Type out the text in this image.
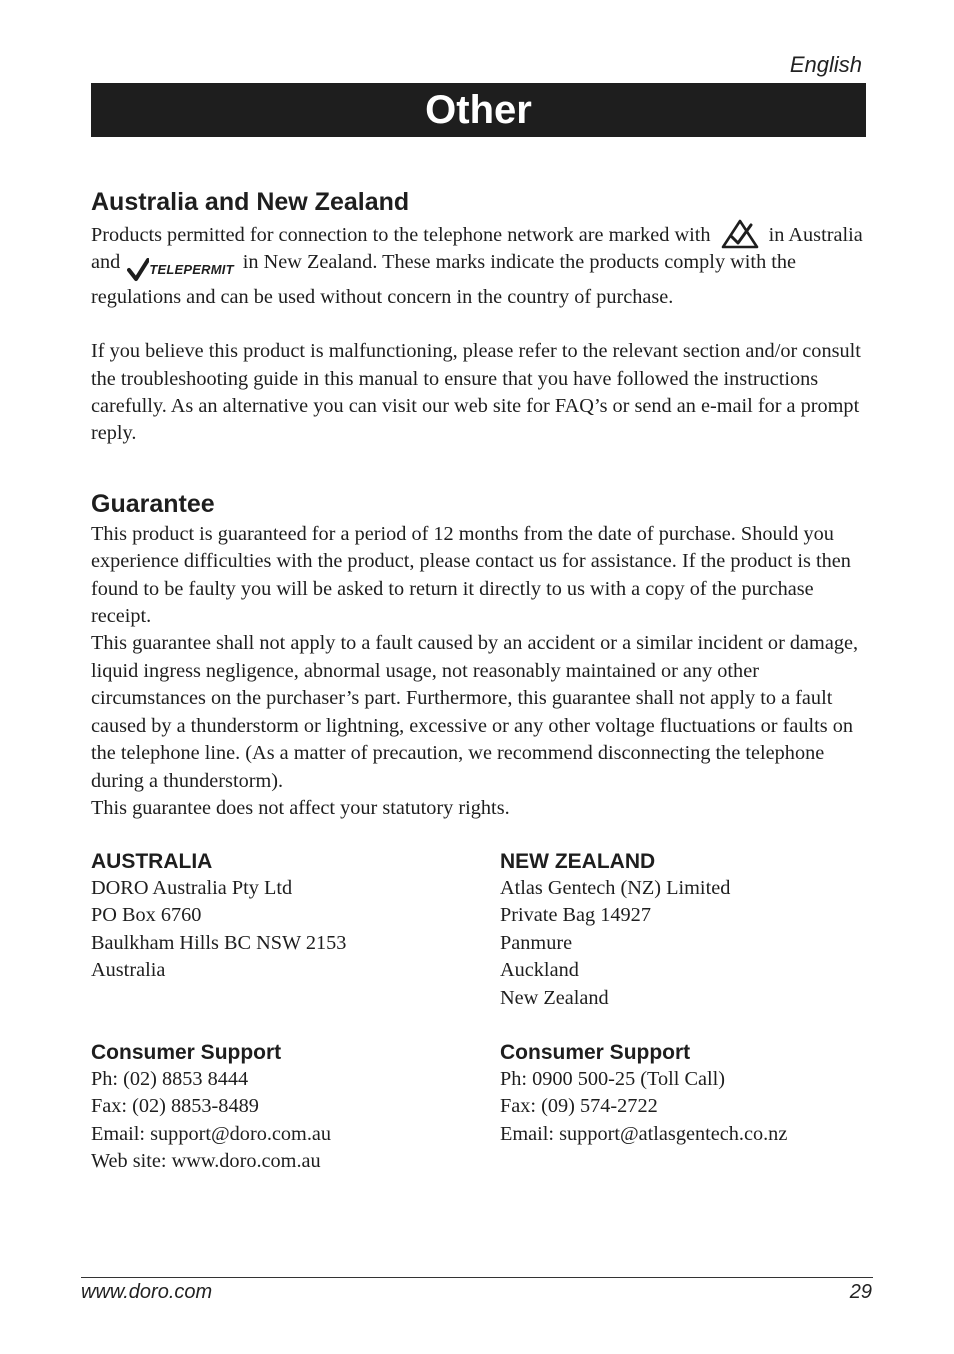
English
Other
Australia and New Zealand

Products permitted for connection to the telephone network are marked with	in Australia and TELEPERMIT in New Zealand. These marks indicate the products comply with the regulations and can be used without concern in the country of purchase.

If you believe this product is malfunctioning, please refer to the relevant section and/or consult the troubleshooting guide in this manual to ensure that you have followed the instructions carefully. As an alternative you can visit our web site for FAQ’s or send an e-mail for a prompt reply.

Guarantee

This product is guaranteed for a period of 12 months from the date of purchase. Should you experience difficulties with the product, please contact us for assistance. If the product is then found to be faulty you will be asked to return it directly to us with a copy of the purchase receipt.

This guarantee shall not apply to a fault caused by an accident or a similar incident or damage, liquid ingress negligence, abnormal usage, not reasonably maintained or any other circumstances on the purchaser’s part. Furthermore, this guarantee shall not apply to a fault caused by a thunderstorm or lightning, excessive or any other voltage fluctuations or faults on the telephone line. (As a matter of precaution, we recommend disconnecting the telephone during a thunderstorm).

This guarantee does not affect your statutory rights.

AUSTRALIA
DORO Australia Pty Ltd
PO Box 6760
Baulkham Hills BC NSW 2153
Australia
Consumer Support
Ph: (02) 8853 8444
Fax: (02) 8853-8489
Email: support@doro.com.au
Web site: www.doro.com.au
NEW ZEALAND
Atlas Gentech (NZ) Limited
Private Bag 14927
Panmure
Auckland
New Zealand
Consumer Support
Ph: 0900 500-25 (Toll Call)
Fax: (09) 574-2722
Email: support@atlasgentech.co.nz
www.doro.com	29
